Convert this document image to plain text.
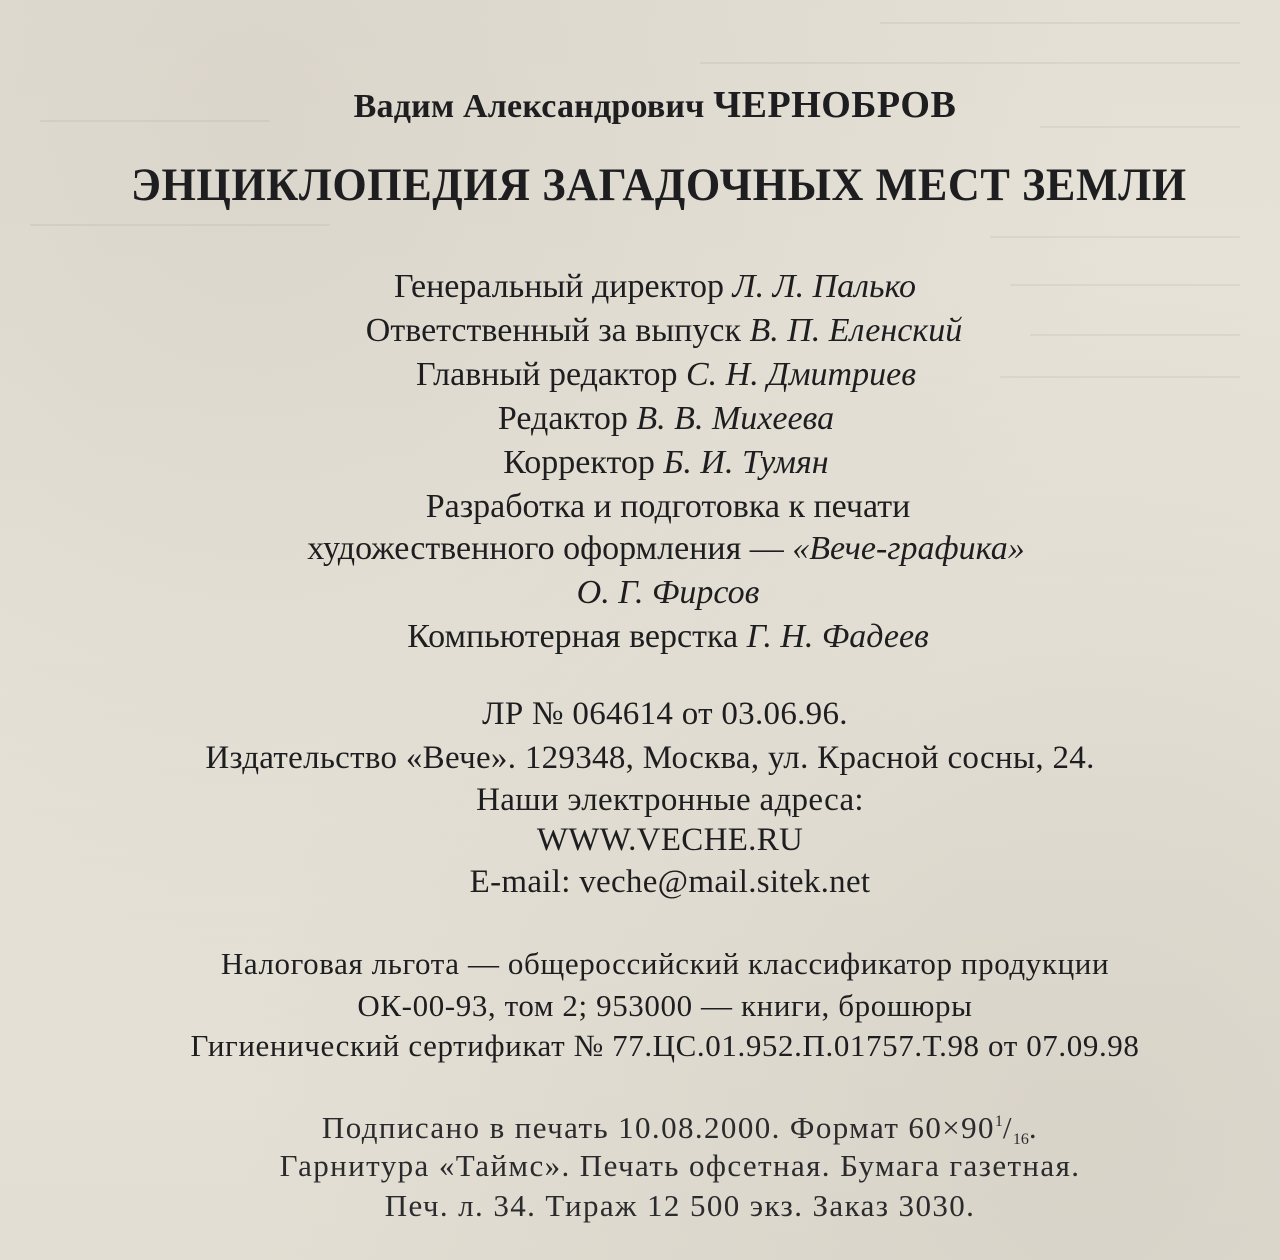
Вадим Александрович ЧЕРНОБРОВ
ЭНЦИКЛОПЕДИЯ ЗАГАДОЧНЫХ МЕСТ ЗЕМЛИ
Генеральный директор Л. Л. Палько
Ответственный за выпуск В. П. Еленский
Главный редактор С. Н. Дмитриев
Редактор В. В. Михеева
Корректор Б. И. Тумян
Разработка и подготовка к печати
художественного оформления — «Вече-графика»
О. Г. Фирсов
Компьютерная верстка Г. Н. Фадеев
ЛР № 064614 от 03.06.96.
Издательство «Вече». 129348, Москва, ул. Красной сосны, 24.
Наши электронные адреса:
WWW.VECHE.RU
E-mail: veche@mail.sitek.net
Налоговая льгота — общероссийский классификатор продукции
ОК-00-93, том 2; 953000 — книги, брошюры
Гигиенический сертификат № 77.ЦС.01.952.П.01757.Т.98 от 07.09.98
Подписано в печать 10.08.2000. Формат $60\times 90^1/_{16}$.
Гарнитура «Таймс». Печать офсетная. Бумага газетная.
Печ. л. 34. Тираж 12 500 экз. Заказ 3030.
